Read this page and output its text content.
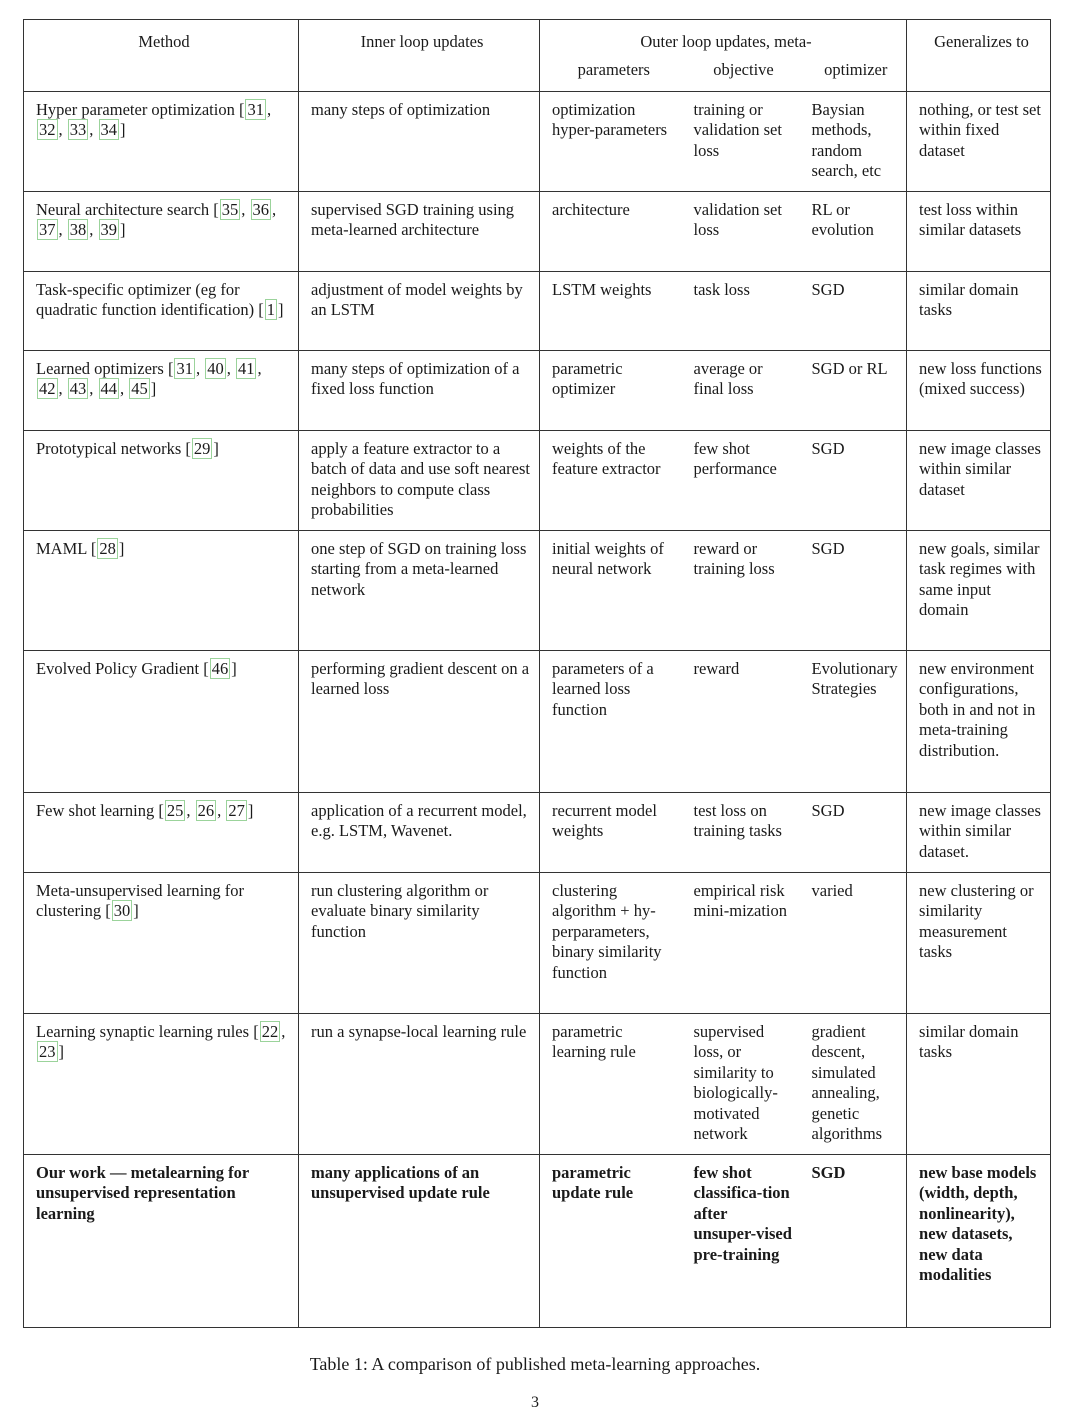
Method	Inner loop updates	Outer loop updates, meta-			Generalizes to
		parameters	objective	optimizer	
Hyper parameter optimization [ 31 , 32 , 33 , 34 ]	many steps of optimization	optimization hyper-parameters	training or validation set loss	Baysian methods, random search, etc	nothing, or test set within fixed dataset
Neural architecture search [ 35 , 36 , 37 , 38 , 39 ]	supervised SGD training using meta-learned architecture	architecture	validation set loss	RL or evolution	test loss within similar datasets
Task-specific optimizer (eg for quadratic function identification) [ 1 ]	adjustment of model weights by an LSTM	LSTM weights	task loss	SGD	similar domain tasks
Learned optimizers [ 31 , 40 , 41 , 42 , 43 , 44 , 45 ]	many steps of optimization of a fixed loss function	parametric optimizer	average or final loss	SGD or RL	new loss functions (mixed success)
Prototypical networks [ 29 ]	apply a feature extractor to a batch of data and use soft nearest neighbors to compute class probabilities	weights of the feature extractor	few shot performance	SGD	new image classes within similar dataset
MAML [ 28 ]	one step of SGD on training loss starting from a meta-learned network	initial weights of neural network	reward or training loss	SGD	new goals, similar task regimes with same input domain
Evolved Policy Gradient [ 46 ]	performing gradient descent on a learned loss	parameters of a learned loss function	reward	Evolutionary Strategies	new environment configurations, both in and not in meta-training distribution.
Few shot learning [ 25 , 26 , 27 ]	application of a recurrent model, e.g. LSTM, Wavenet.	recurrent model weights	test loss on training tasks	SGD	new image classes within similar dataset.
Meta-unsupervised learning for clustering [ 30 ]	run clustering algorithm or evaluate binary similarity function	clustering algorithm + hy-perparameters, binary similarity function	empirical risk mini-mization	varied	new clustering or similarity measurement tasks
Learning synaptic learning rules [ 22 , 23 ]	run a synapse-local learning rule	parametric learning rule	supervised loss, or similarity to biologically-motivated network	gradient descent, simulated annealing, genetic algorithms	similar domain tasks
Our work — metalearning for unsupervised representation learning	many applications of an unsupervised update rule	parametric update rule	few shot classifica-tion after unsuper-vised pre-training	SGD	new base models (width, depth, nonlinearity), new datasets, new data modalities
Table 1: A comparison of published meta-learning approaches.
3
